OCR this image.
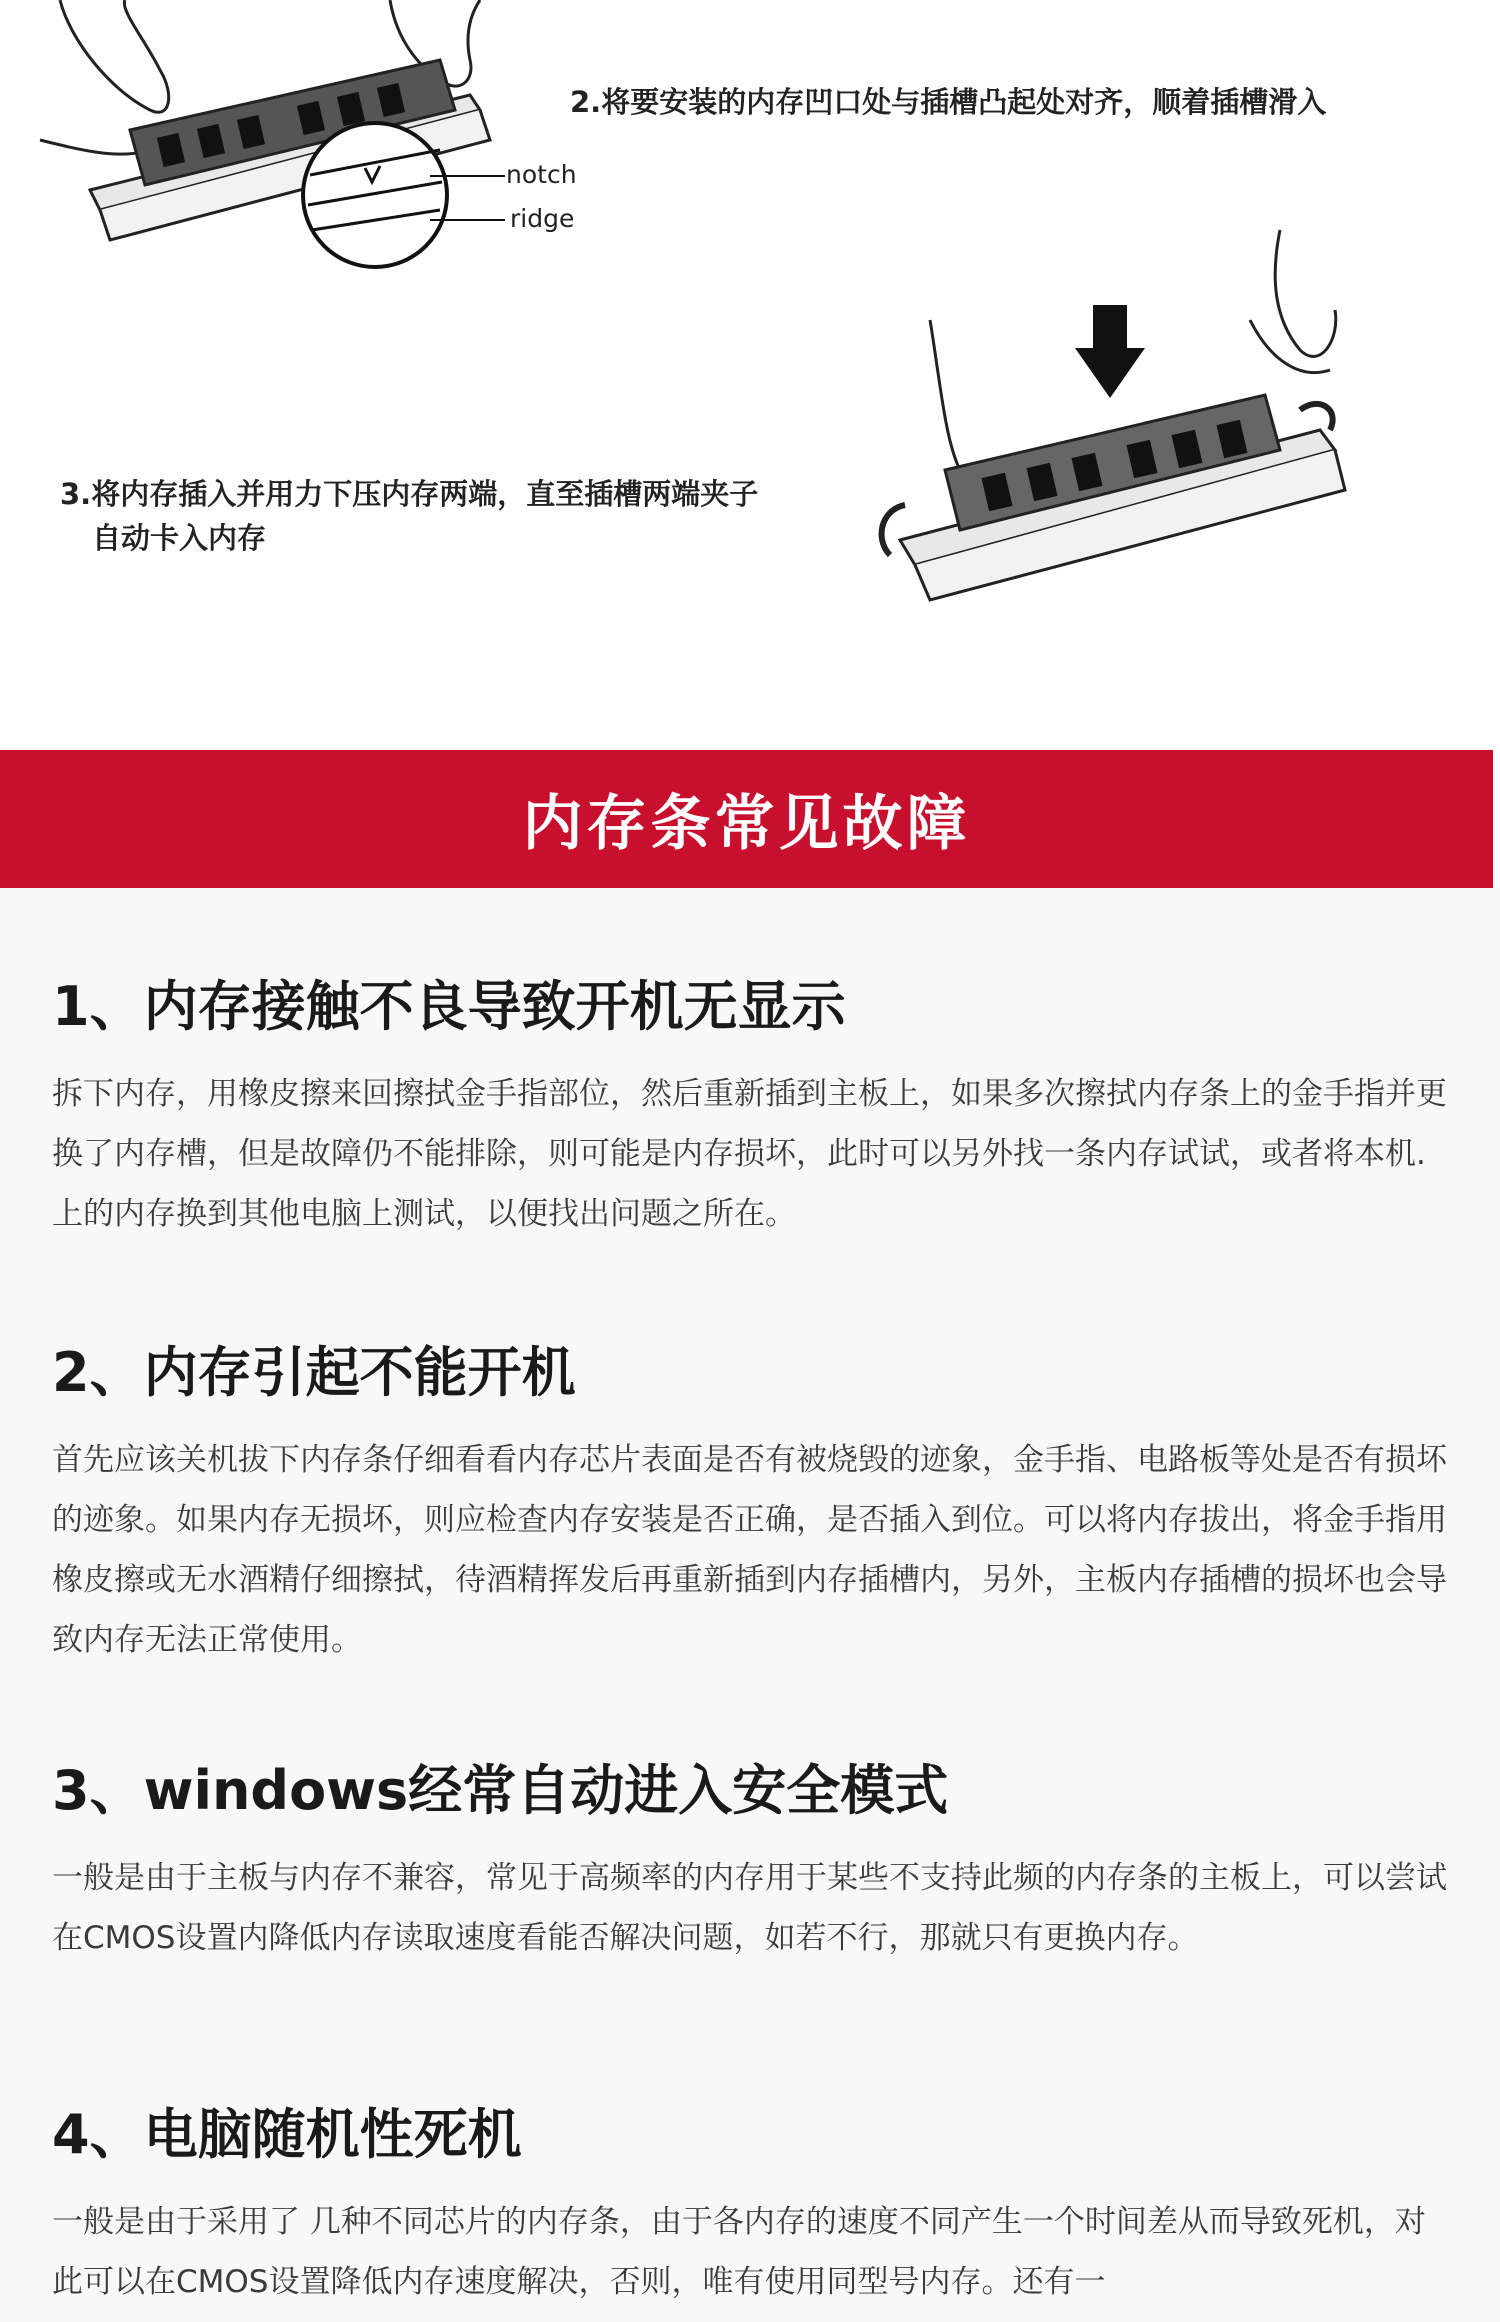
2.将要安装的内存凹口处与插槽凸起处对齐，顺着插槽滑入
notch
ridge
3.将内存插入并用力下压内存两端，直至插槽两端夹子
自动卡入内存
内存条常见故障
1、内存接触不良导致开机无显示
拆下内存，用橡皮擦来回擦拭金手指部位，然后重新插到主板上，如果多次擦拭内存条上的金手指并更换了内存槽，但是故障仍不能排除，则可能是内存损坏，此时可以另外找一条内存试试，或者将本机.上的内存换到其他电脑上测试，以便找出问题之所在。
2、内存引起不能开机
首先应该关机拔下内存条仔细看看内存芯片表面是否有被烧毁的迹象，金手指、电路板等处是否有损坏的迹象。如果内存无损坏，则应检查内存安装是否正确，是否插入到位。可以将内存拔出，将金手指用橡皮擦或无水酒精仔细擦拭，待酒精挥发后再重新插到内存插槽内，另外，主板内存插槽的损坏也会导致内存无法正常使用。
3、windows经常自动进入安全模式
一般是由于主板与内存不兼容，常见于高频率的内存用于某些不支持此频的内存条的主板上，可以尝试在CMOS设置内降低内存读取速度看能否解决问题，如若不行，那就只有更换内存。
4、电脑随机性死机
一般是由于采用了 几种不同芯片的内存条，由于各内存的速度不同产生一个时间差从而导致死机，对此可以在CMOS设置降低内存速度解决，否则，唯有使用同型号内存。还有一
